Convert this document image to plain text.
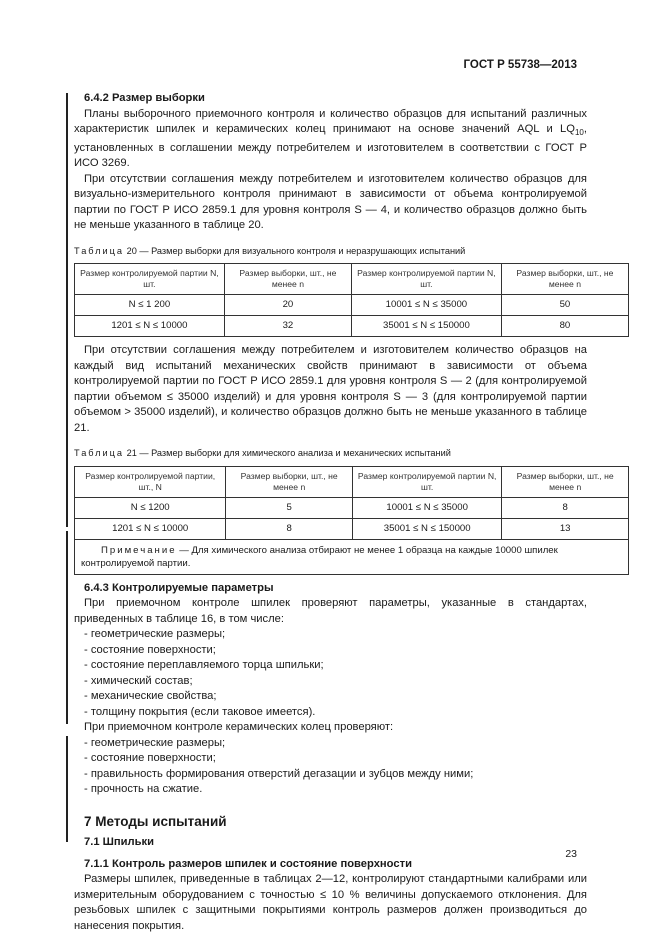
ГОСТ Р 55738—2013

6.4.2 Размер выборки

Планы выборочного приемочного контроля и количество образцов для испытаний различных характеристик шпилек и керамических колец принимают на основе значений AQL и $LQ_{10}$, установленных в соглашении между потребителем и изготовителем в соответствии с ГОСТ Р ИСО 3269.

При отсутствии соглашения между потребителем и изготовителем количество образцов для визуально-измерительного контроля принимают в зависимости от объема контролируемой партии по ГОСТ Р ИСО 2859.1 для уровня контроля S — 4, и количество образцов должно быть не меньше указанного в таблице 20.

Таблица 20 — Размер выборки для визуального контроля и неразрушающих испытаний
Размер контролируемой партии N, шт.	Размер выборки, шт., не менее n	Размер контролируемой партии N, шт.	Размер выборки, шт., не менее n
N ≤ 1 200	20	10001 ≤ N ≤ 35000	50
1201 ≤ N ≤ 10000	32	35001 ≤ N ≤ 150000	80

При отсутствии соглашения между потребителем и изготовителем количество образцов на каждый вид испытаний механических свойств принимают в зависимости от объема контролируемой партии по ГОСТ Р ИСО 2859.1 для уровня контроля S — 2 (для контролируемой партии объемом ≤ 35000 изделий) и для уровня контроля S — 3 (для контролируемой партии объемом > 35000 изделий), и количество образцов должно быть не меньше указанного в таблице 21.

Таблица 21 — Размер выборки для химического анализа и механических испытаний
Размер контролируемой партии, шт., N	Размер выборки, шт., не менее n	Размер контролируемой партии N, шт.	Размер выборки, шт., не менее n
N ≤ 1200	5	10001 ≤ N ≤ 35000	8
1201 ≤ N ≤ 10000	8	35001 ≤ N ≤ 150000	13
Примечание — Для химического анализа отбирают не менее 1 образца на каждые 10000 шпилек контролируемой партии.			

6.4.3 Контролируемые параметры

При приемочном контроле шпилек проверяют параметры, указанные в стандартах, приведенных в таблице 16, в том числе:

- геометрические размеры;
- состояние поверхности;
- состояние переплавляемого торца шпильки;
- химический состав;
- механические свойства;
- толщину покрытия (если таковое имеется).

При приемочном контроле керамических колец проверяют:

- геометрические размеры;
- состояние поверхности;
- правильность формирования отверстий дегазации и зубцов между ними;
- прочность на сжатие.

7 Методы испытаний

7.1 Шпильки

7.1.1 Контроль размеров шпилек и состояние поверхности

Размеры шпилек, приведенные в таблицах 2—12, контролируют стандартными калибрами или измерительным оборудованием с точностью ≤ 10 % величины допускаемого отклонения. Для резьбовых шпилек с защитными покрытиями контроль размеров должен производиться до нанесения покрытия.

23
